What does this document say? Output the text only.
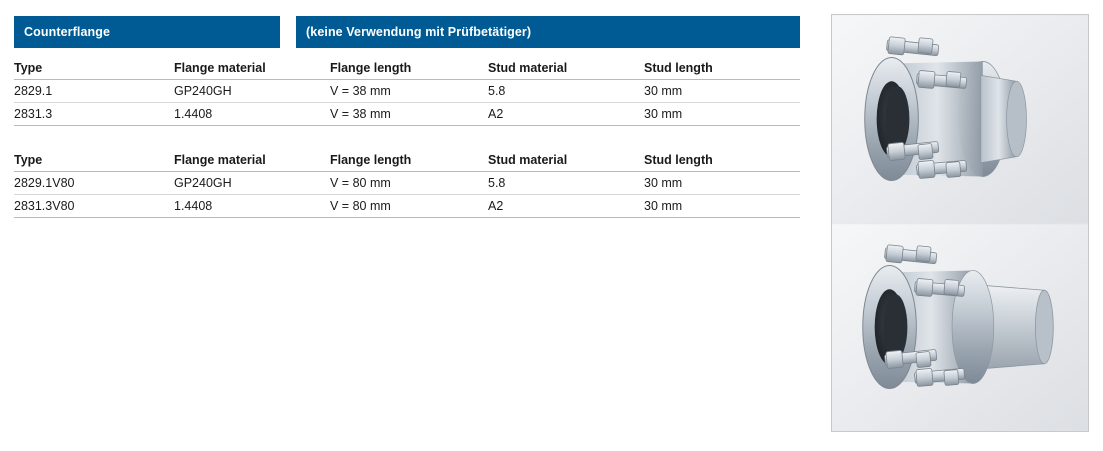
Counterflange	(keine Verwendung mit Prüfbetätiger)
Type	Flange material	Flange length	Stud material	Stud length
2829.1	GP240GH	V = 38 mm	5.8	30 mm
2831.3	1.4408	V = 38 mm	A2	30 mm
Type	Flange material	Flange length	Stud material	Stud length
2829.1V80	GP240GH	V = 80 mm	5.8	30 mm
2831.3V80	1.4408	V = 80 mm	A2	30 mm
